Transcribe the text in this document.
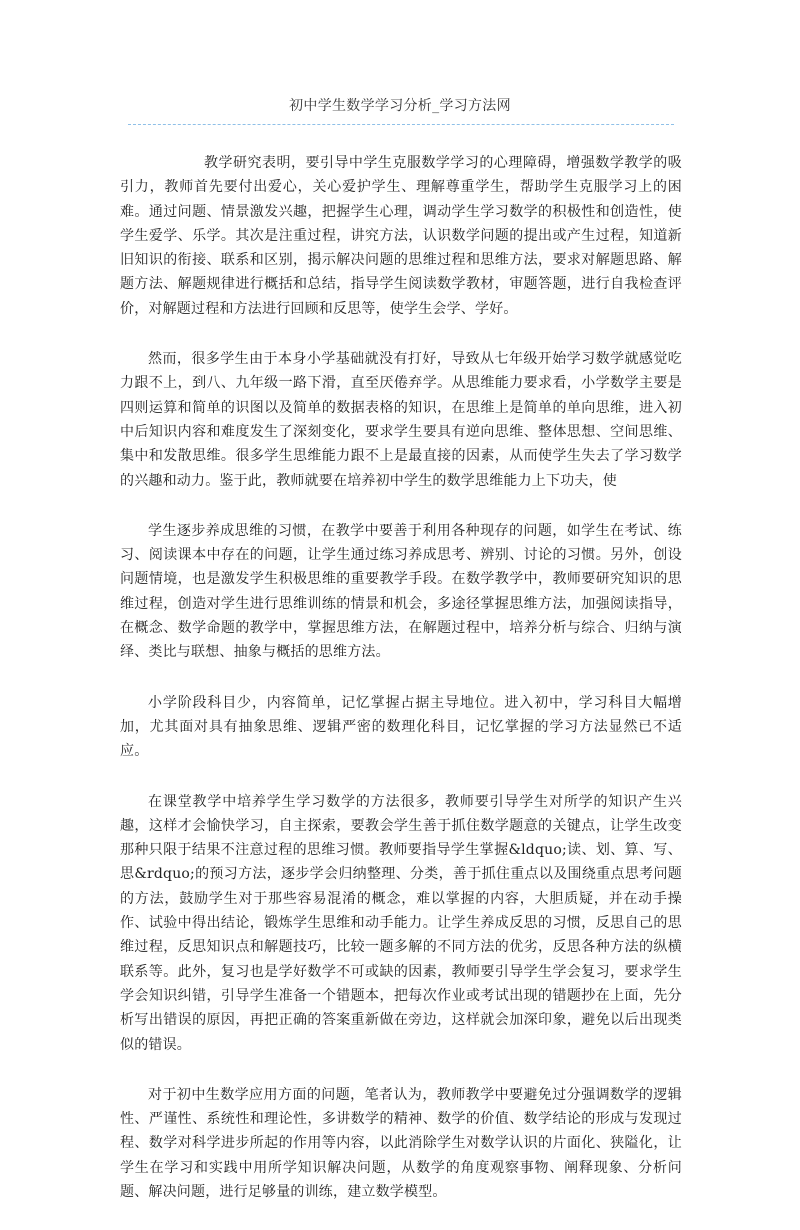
初中学生数学学习分析_学习方法网

教学研究表明，要引导中学生克服数学学习的心理障碍，增强数学教学的吸引力，教师首先要付出爱心，关心爱护学生、理解尊重学生，帮助学生克服学习上的困难。通过问题、情景激发兴趣，把握学生心理，调动学生学习数学的积极性和创造性，使学生爱学、乐学。其次是注重过程，讲究方法，认识数学问题的提出或产生过程，知道新旧知识的衔接、联系和区别，揭示解决问题的思维过程和思维方法，要求对解题思路、解题方法、解题规律进行概括和总结，指导学生阅读数学教材，审题答题，进行自我检查评价，对解题过程和方法进行回顾和反思等，使学生会学、学好。

然而，很多学生由于本身小学基础就没有打好，导致从七年级开始学习数学就感觉吃力跟不上，到八、九年级一路下滑，直至厌倦弃学。从思维能力要求看，小学数学主要是四则运算和简单的识图以及简单的数据表格的知识，在思维上是简单的单向思维，进入初中后知识内容和难度发生了深刻变化，要求学生要具有逆向思维、整体思想、空间思维、集中和发散思维。很多学生思维能力跟不上是最直接的因素，从而使学生失去了学习数学的兴趣和动力。鉴于此，教师就要在培养初中学生的数学思维能力上下功夫，使

学生逐步养成思维的习惯，在教学中要善于利用各种现存的问题，如学生在考试、练习、阅读课本中存在的问题，让学生通过练习养成思考、辨别、讨论的习惯。另外，创设问题情境，也是激发学生积极思维的重要教学手段。在数学教学中，教师要研究知识的思维过程，创造对学生进行思维训练的情景和机会，多途径掌握思维方法，加强阅读指导，在概念、数学命题的教学中，掌握思维方法，在解题过程中，培养分析与综合、归纳与演绎、类比与联想、抽象与概括的思维方法。

小学阶段科目少，内容简单，记忆掌握占据主导地位。进入初中，学习科目大幅增加，尤其面对具有抽象思维、逻辑严密的数理化科目，记忆掌握的学习方法显然已不适应。

在课堂教学中培养学生学习数学的方法很多，教师要引导学生对所学的知识产生兴趣，这样才会愉快学习，自主探索，要教会学生善于抓住数学题意的关键点，让学生改变那种只限于结果不注意过程的思维习惯。教师要指导学生掌握&ldquo;读、划、算、写、思&rdquo;的预习方法，逐步学会归纳整理、分类，善于抓住重点以及围绕重点思考问题的方法，鼓励学生对于那些容易混淆的概念，难以掌握的内容，大胆质疑，并在动手操作、试验中得出结论，锻炼学生思维和动手能力。让学生养成反思的习惯，反思自己的思维过程，反思知识点和解题技巧，比较一题多解的不同方法的优劣，反思各种方法的纵横联系等。此外，复习也是学好数学不可或缺的因素，教师要引导学生学会复习，要求学生学会知识纠错，引导学生准备一个错题本，把每次作业或考试出现的错题抄在上面，先分析写出错误的原因，再把正确的答案重新做在旁边，这样就会加深印象，避免以后出现类似的错误。

对于初中生数学应用方面的问题，笔者认为，教师教学中要避免过分强调数学的逻辑性、严谨性、系统性和理论性，多讲数学的精神、数学的价值、数学结论的形成与发现过程、数学对科学进步所起的作用等内容，以此消除学生对数学认识的片面化、狭隘化，让学生在学习和实践中用所学知识解决问题，从数学的角度观察事物、阐释现象、分析问题、解决问题，进行足够量的训练，建立数学模型。
